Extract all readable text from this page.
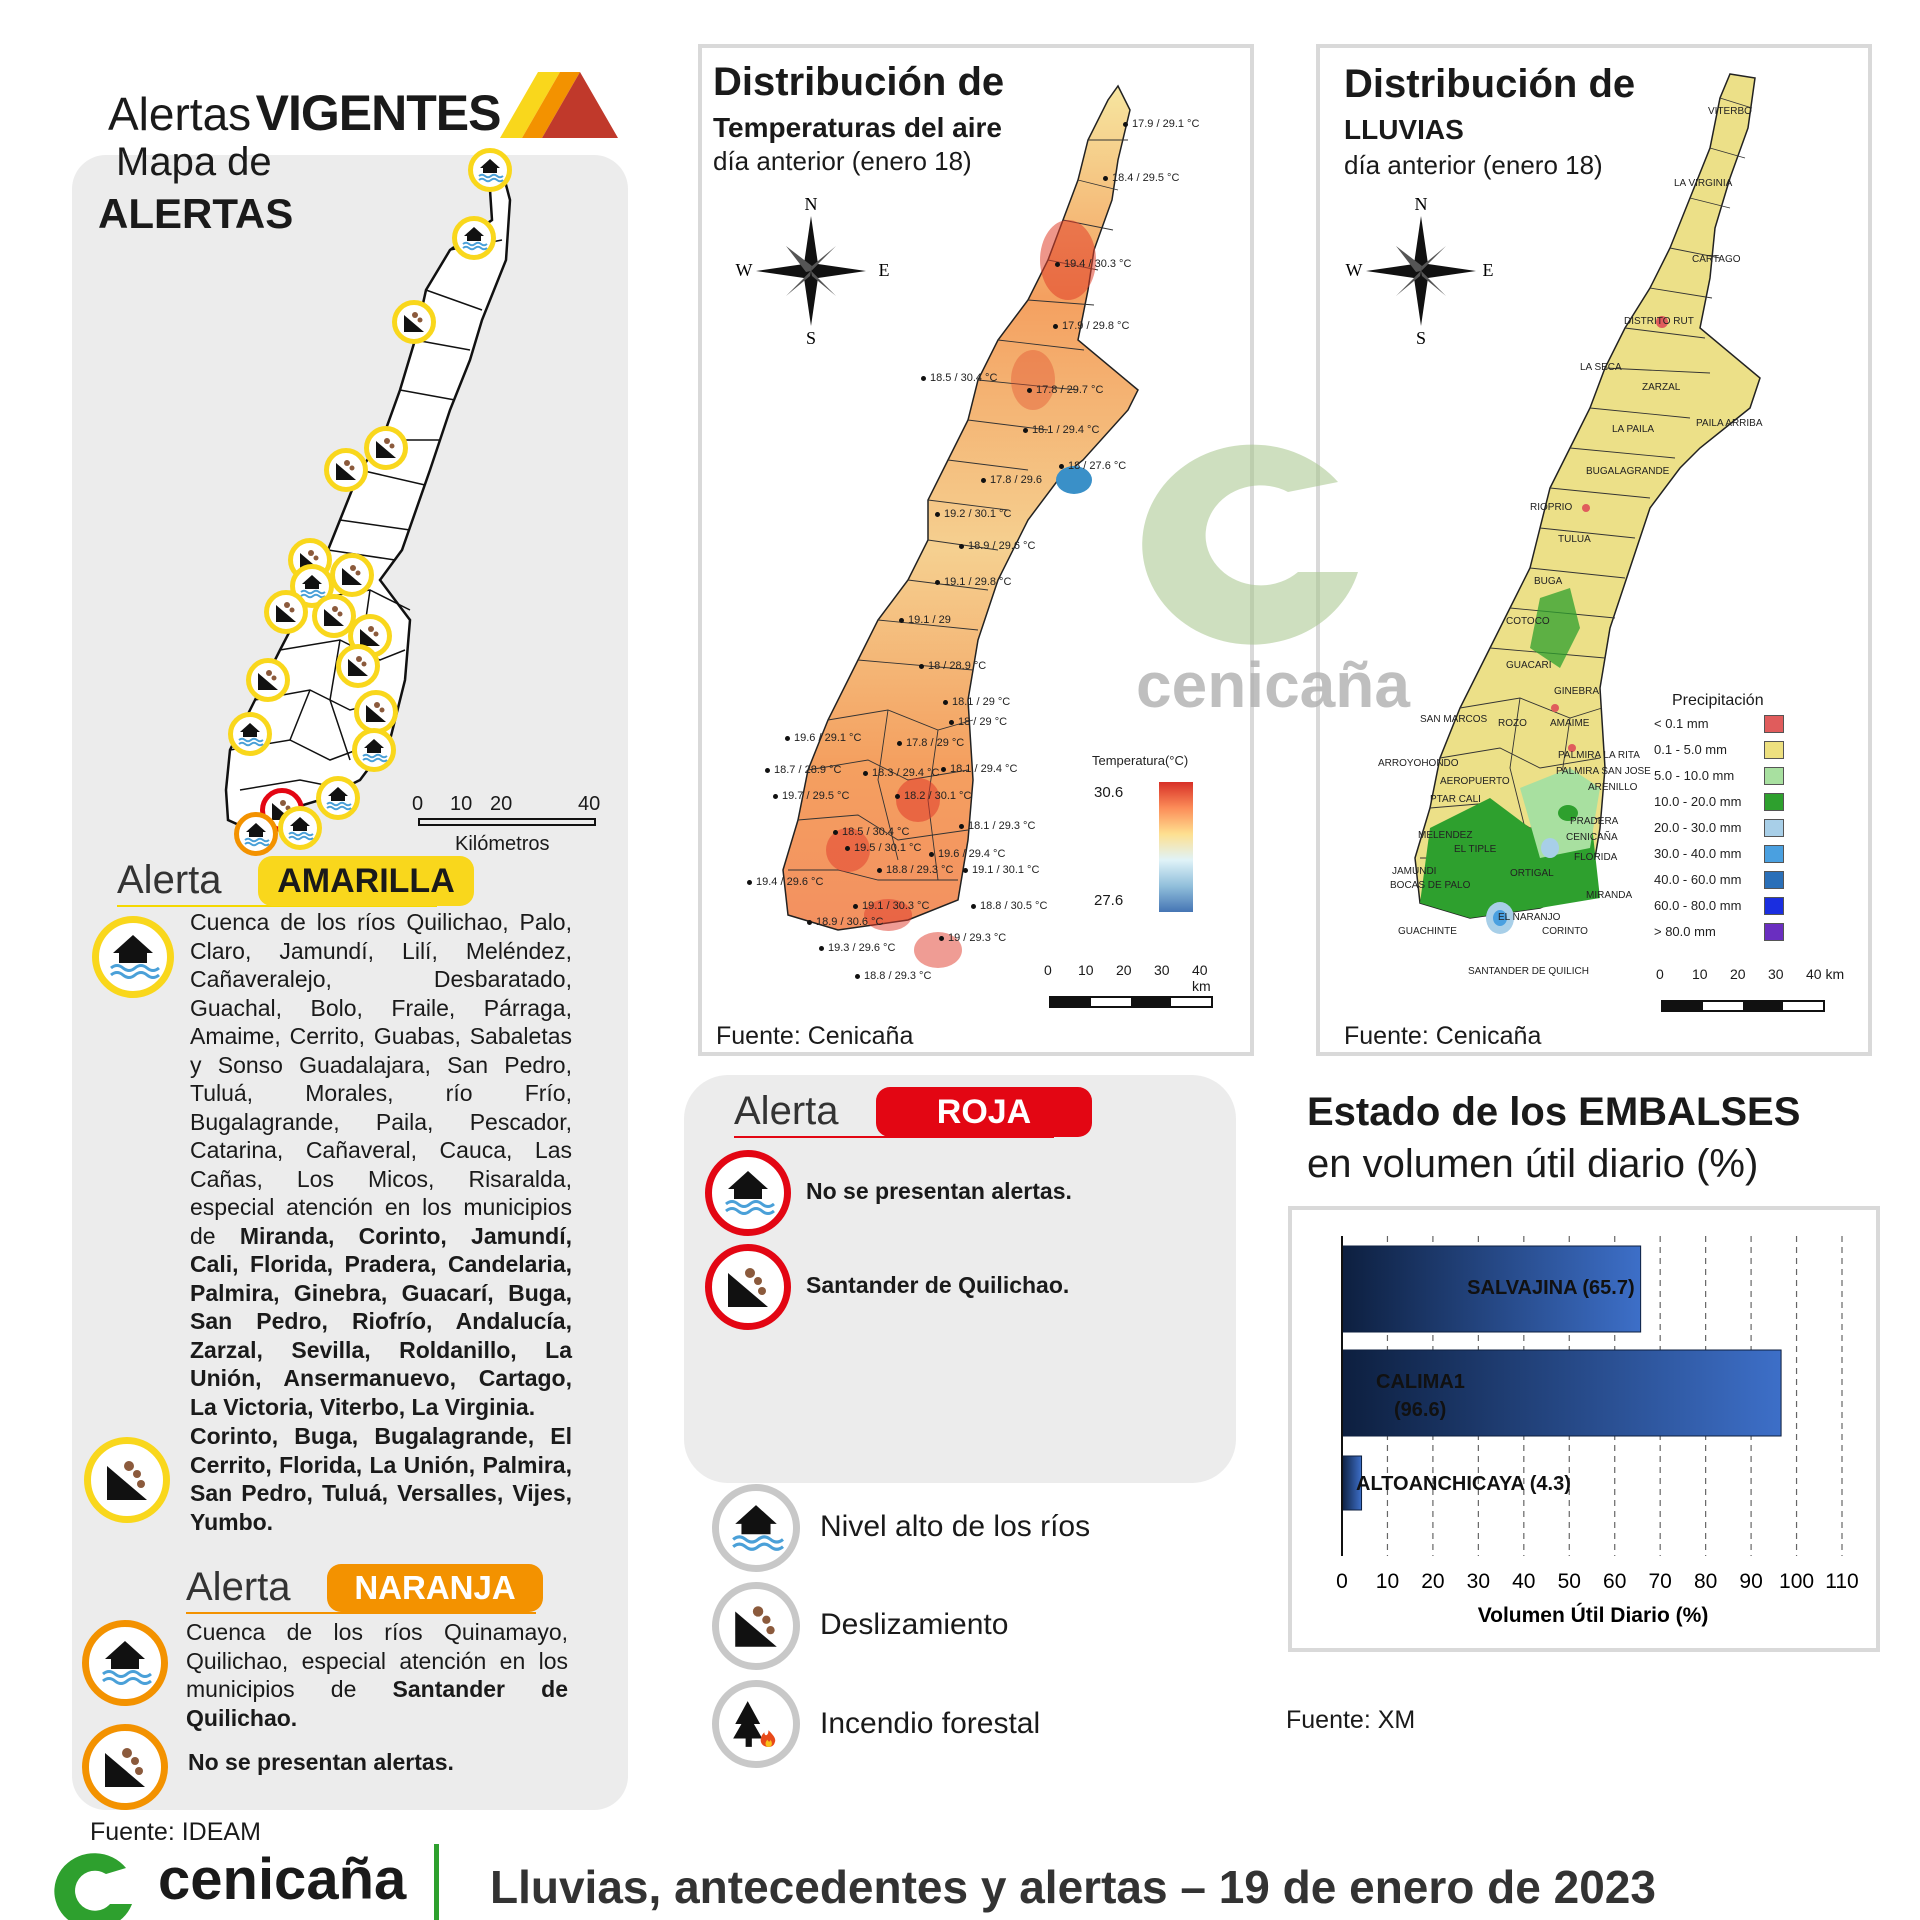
Alertas VIGENTES
Mapa de
ALERTAS
0 10 20	40
Kilómetros
Alerta	AMARILLA
Cuenca de los ríos Quilichao, Palo, Claro, Jamundí, Lilí, Meléndez, Cañaveralejo, Desbaratado, Guachal, Bolo, Fraile, Párraga, Amaime, Cerrito, Guabas, Sabaletas y Sonso Guadalajara, San Pedro, Tuluá, Morales, río Frío, Bugalagrande, Paila, Pescador, Catarina, Cañaveral, Cauca, Las Cañas, Los Micos, Risaralda, especial atención en los municipios de Miranda, Corinto, Jamundí, Cali, Florida, Pradera, Candelaria, Palmira, Ginebra, Guacarí, Buga, San Pedro, Riofrío, Andalucía, Zarzal, Sevilla, Roldanillo, La Unión, Ansermanuevo, Cartago, La Victoria, Viterbo, La Virginia.
Corinto, Buga, Bugalagrande, El Cerrito, Florida, La Unión, Palmira, San Pedro, Tuluá, Versalles, Vijes, Yumbo.
Alerta	NARANJA
Cuenca de los ríos Quinamayo, Quilichao, especial atención en los municipios de Santander de Quilichao.
No se presentan alertas.
Fuente: IDEAM
Distribución de
Temperaturas del aire
día anterior (enero 18)
N
S
W	E
17.9 / 29.1 °C
18.4 / 29.5 °C
19.4 / 30.3 °C
17.9 / 29.8 °C
18.5 / 30.4 °C
17.8 / 29.7 °C
18.1 / 29.4 °C
18 / 27.6 °C
17.8 / 29.6
19.2 / 30.1 °C
18.9 / 29.6 °C
19.1 / 29.8 °C
19.1 / 29
18 / 28.9 °C
18.1 / 29 °C
18 / 29 °C
19.6 / 29.1 °C	17.8 / 29 °C
18.7 / 28.9 °C	18.3 / 29.4 °C 18.1 / 29.4 °C
19.7 / 29.5 °C	18.2 / 30.1 °C
18.1 / 29.3 °C
18.5 / 30.4 °C
19.5 / 30.1 °C 19.6 / 29.4 °C
19.4 / 29.6 °C
18.8 / 29.3 °C 19.1 / 30.1 °C
19.1 / 30.3 °C	18.8 / 30.5 °C
18.9 / 30.6 °C
19 / 29.3 °C
19.3 / 29.6 °C
18.8 / 29.3 °C
Temperatura(°C)
30.6
27.6
0 10 20 30 40 km
Fuente: Cenicaña
Distribución de
LLUVIAS
día anterior (enero 18)
N
S
W	E
VITERBO
LA VIRGINIA
CARTAGO
DISTRITO RUT
LA SECA
ZARZAL
LA PAILA
PAILA ARRIBA
BUGALAGRANDE
RIOPRIO
TULUA
BUGA
COTOCO
GUACARI
GINEBRA
SAN MARCOS ROZO AMAIME
ARROYOHONDO
AEROPUERTO
PALMIRA LA RITA
PALMIRA SAN JOSE
ARENILLO
PTAR CALI
PRADERA
MELENDEZ
EL TIPLE
CENICAÑA
FLORIDA
JAMUNDI
BOCAS DE PALO
ORTIGAL
MIRANDA
EL NARANJO
GUACHINTE	CORINTO
SANTANDER DE QUILICH
Precipitación
< 0.1 mm
0.1 - 5.0 mm
5.0 - 10.0 mm
10.0 - 20.0 mm
20.0 - 30.0 mm
30.0 - 40.0 mm
40.0 - 60.0 mm
60.0 - 80.0 mm
> 80.0 mm
0 10 20 30 40 km
Fuente: Cenicaña
cenicaña
Alerta	ROJA
No se presentan alertas.
Santander de Quilichao.
Nivel alto de los ríos
Deslizamiento
Incendio forestal
Estado de los EMBALSES
en volumen útil diario (%)
SALVAJINA (65.7)
CALIMA1
(96.6)
ALTOANCHICAYA (4.3)
0 10 20 30 40 50 60 70 80 90 100 110
Volumen Útil Diario (%)
Fuente: XM
cenicaña Lluvias, antecedentes y alertas – 19 de enero de 2023
